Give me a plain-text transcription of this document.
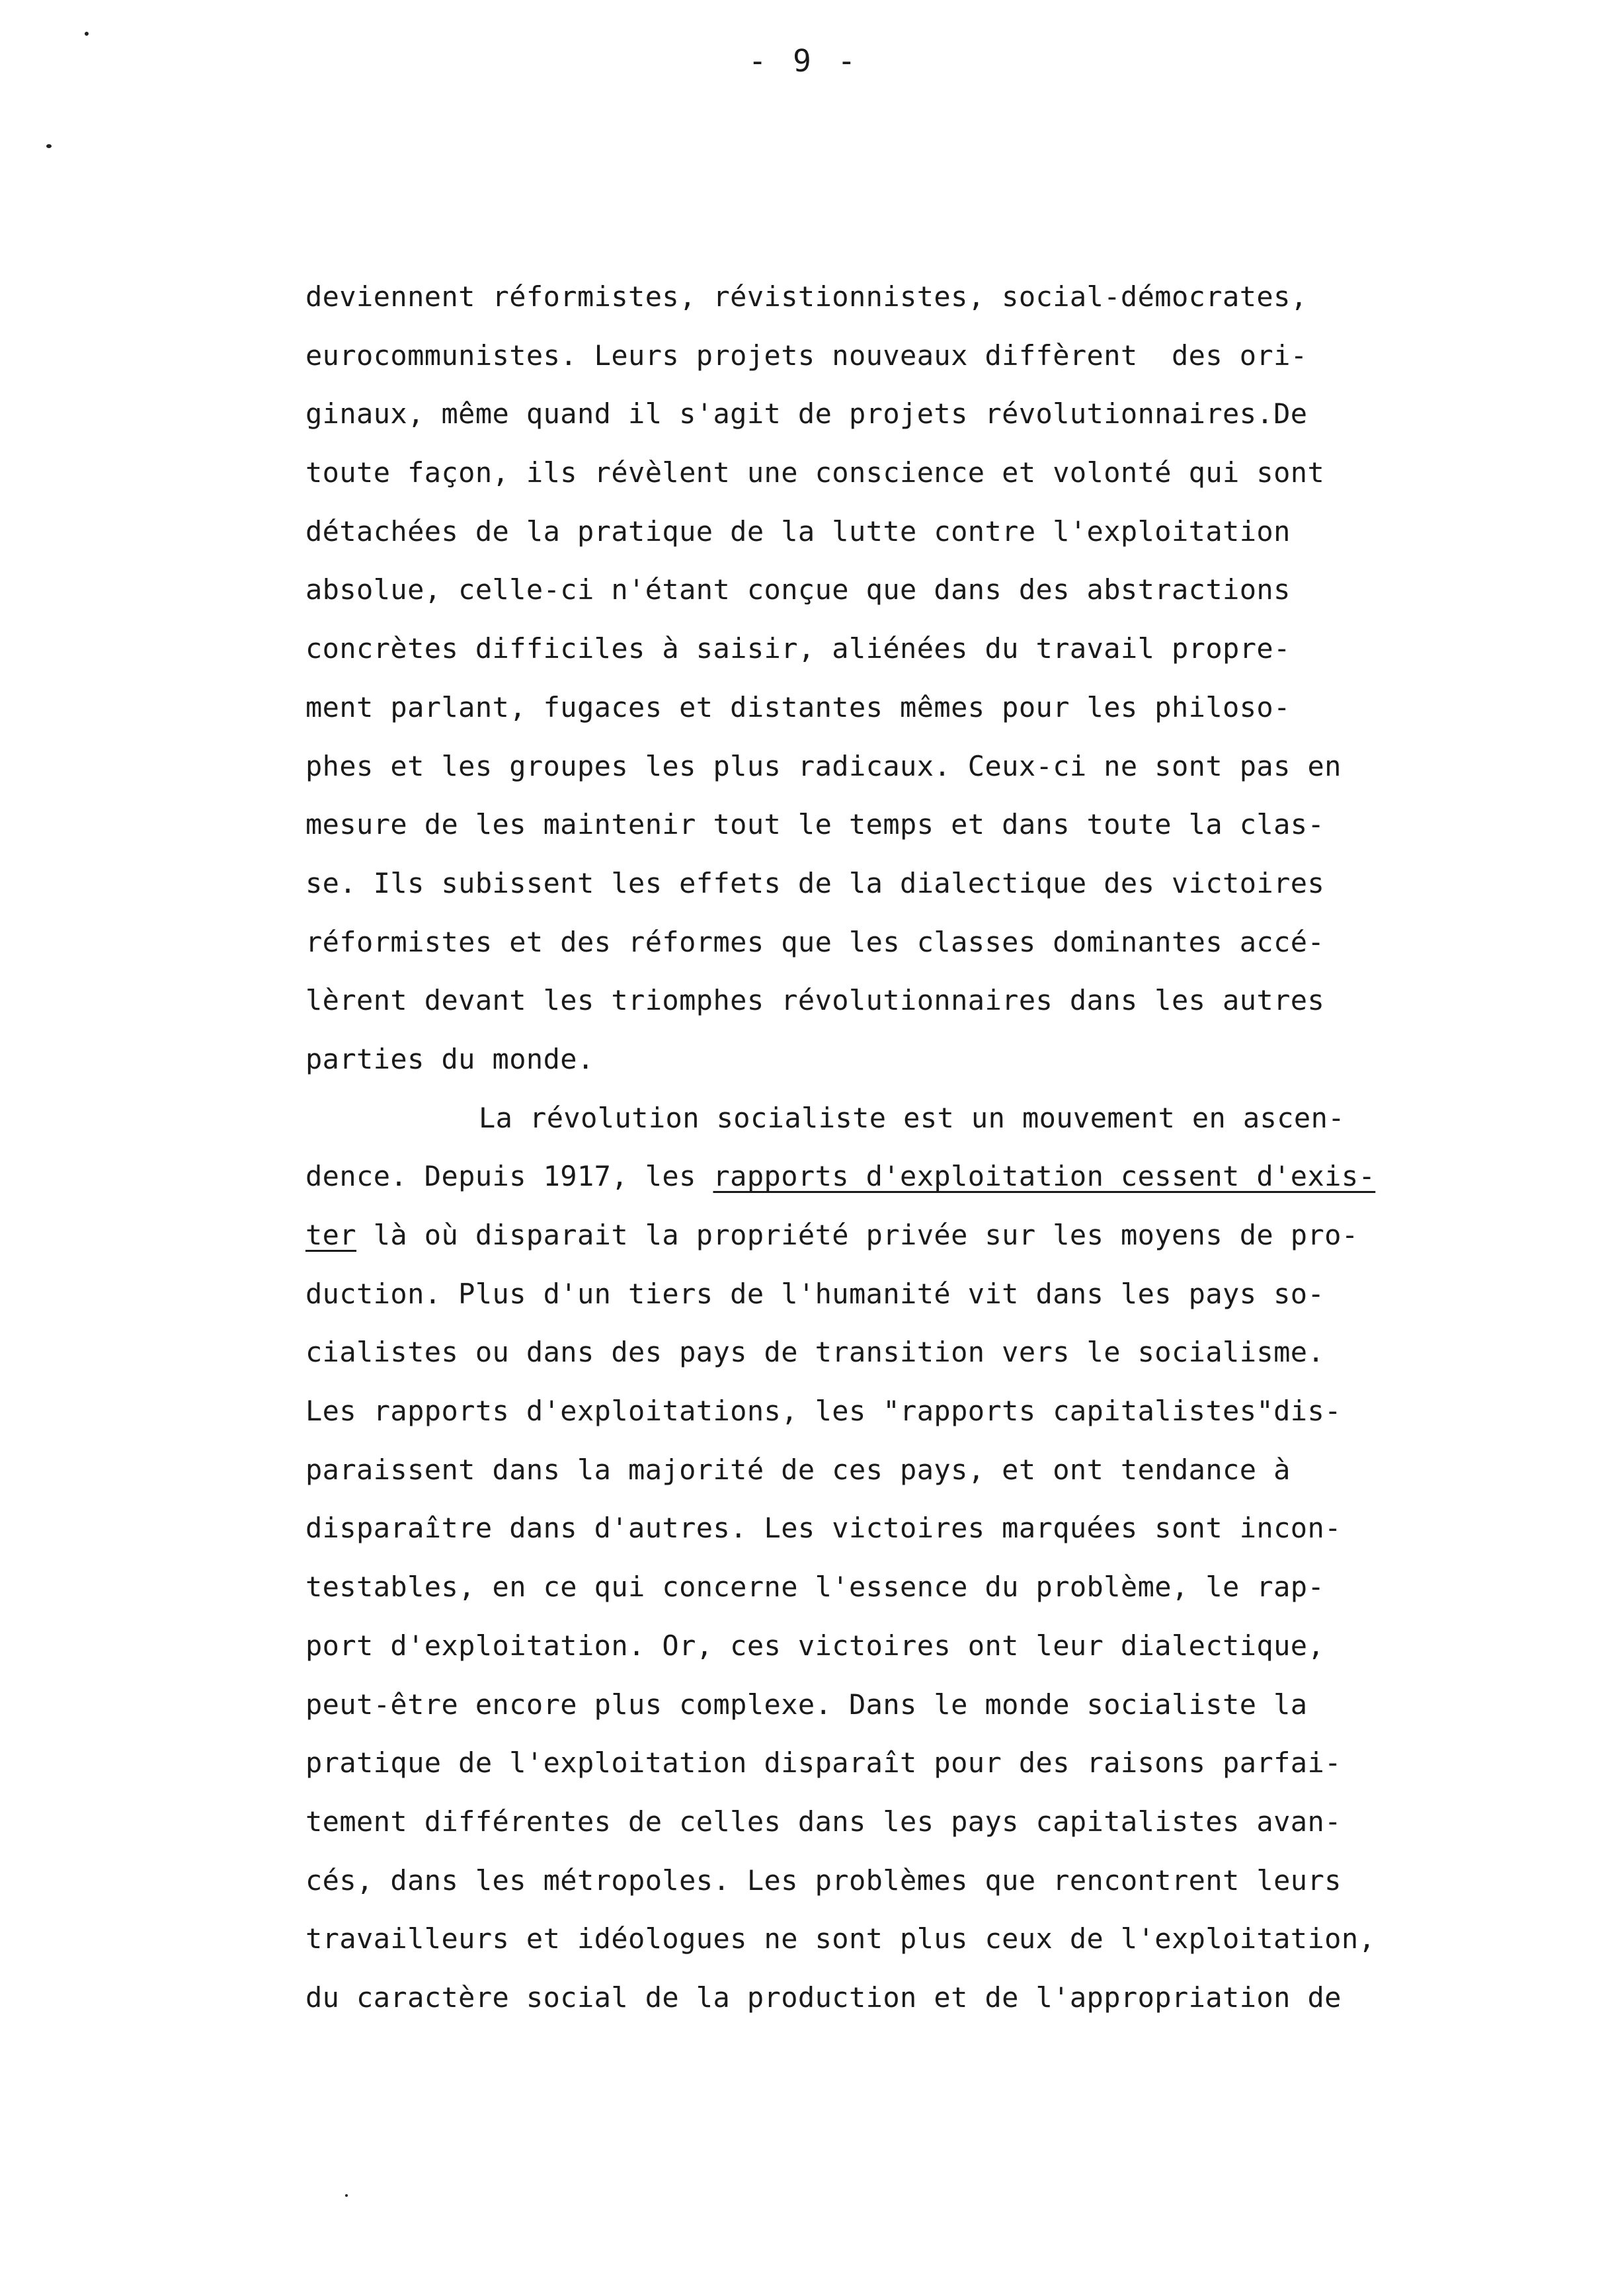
- 9 -
deviennent réformistes, révistionnistes, social-démocrates,
eurocommunistes. Leurs projets nouveaux diffèrent  des ori-
ginaux, même quand il s'agit de projets révolutionnaires.De
toute façon, ils révèlent une conscience et volonté qui sont
détachées de la pratique de la lutte contre l'exploitation
absolue, celle-ci n'étant conçue que dans des abstractions
concrètes difficiles à saisir, aliénées du travail propre-
ment parlant, fugaces et distantes mêmes pour les philoso-
phes et les groupes les plus radicaux. Ceux-ci ne sont pas en
mesure de les maintenir tout le temps et dans toute la clas-
se. Ils subissent les effets de la dialectique des victoires
réformistes et des réformes que les classes dominantes accé-
lèrent devant les triomphes révolutionnaires dans les autres
parties du monde.
La révolution socialiste est un mouvement en ascen-
dence. Depuis 1917, les rapports d'exploitation cessent d'exis-
ter là où disparait la propriété privée sur les moyens de pro-
duction. Plus d'un tiers de l'humanité vit dans les pays so-
cialistes ou dans des pays de transition vers le socialisme.
Les rapports d'exploitations, les "rapports capitalistes"dis-
paraissent dans la majorité de ces pays, et ont tendance à
disparaître dans d'autres. Les victoires marquées sont incon-
testables, en ce qui concerne l'essence du problème, le rap-
port d'exploitation. Or, ces victoires ont leur dialectique,
peut-être encore plus complexe. Dans le monde socialiste la
pratique de l'exploitation disparaît pour des raisons parfai-
tement différentes de celles dans les pays capitalistes avan-
cés, dans les métropoles. Les problèmes que rencontrent leurs
travailleurs et idéologues ne sont plus ceux de l'exploitation,
du caractère social de la production et de l'appropriation de
